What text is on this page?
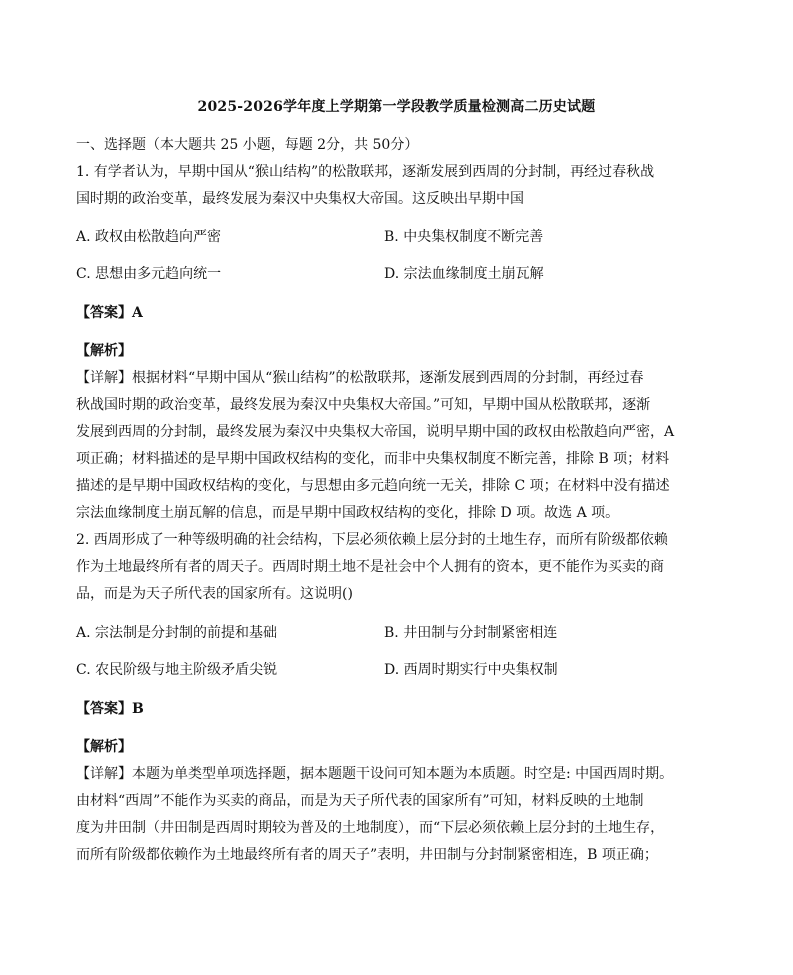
2025-2026学年度上学期第一学段教学质量检测高二历史试题
一、选择题（本大题共 25 小题，每题 2分，共 50分）
1. 有学者认为，早期中国从“猴山结构”的松散联邦，逐渐发展到西周的分封制，再经过春秋战
国时期的政治变革，最终发展为秦汉中央集权大帝国。这反映出早期中国
A. 政权由松散趋向严密	B. 中央集权制度不断完善
C. 思想由多元趋向统一	D. 宗法血缘制度土崩瓦解
【答案】A
【解析】
【详解】根据材料“早期中国从“猴山结构”的松散联邦，逐渐发展到西周的分封制，再经过春
秋战国时期的政治变革，最终发展为秦汉中央集权大帝国。”可知，早期中国从松散联邦，逐渐
发展到西周的分封制，最终发展为秦汉中央集权大帝国，说明早期中国的政权由松散趋向严密，A
项正确；材料描述的是早期中国政权结构的变化，而非中央集权制度不断完善，排除 B 项；材料
描述的是早期中国政权结构的变化，与思想由多元趋向统一无关，排除 C 项；在材料中没有描述
宗法血缘制度土崩瓦解的信息，而是早期中国政权结构的变化，排除 D 项。故选 A 项。
2. 西周形成了一种等级明确的社会结构，下层必须依赖上层分封的土地生存，而所有阶级都依赖
作为土地最终所有者的周天子。西周时期土地不是社会中个人拥有的资本，更不能作为买卖的商
品，而是为天子所代表的国家所有。这说明()
A. 宗法制是分封制的前提和基础	B. 井田制与分封制紧密相连
C. 农民阶级与地主阶级矛盾尖锐	D. 西周时期实行中央集权制
【答案】B
【解析】
【详解】本题为单类型单项选择题，据本题题干设问可知本题为本质题。时空是: 中国西周时期。
由材料“西周”不能作为买卖的商品，而是为天子所代表的国家所有”可知，材料反映的土地制
度为井田制（井田制是西周时期较为普及的土地制度），而“下层必须依赖上层分封的土地生存，
而所有阶级都依赖作为土地最终所有者的周天子”表明，井田制与分封制紧密相连，B 项正确；
